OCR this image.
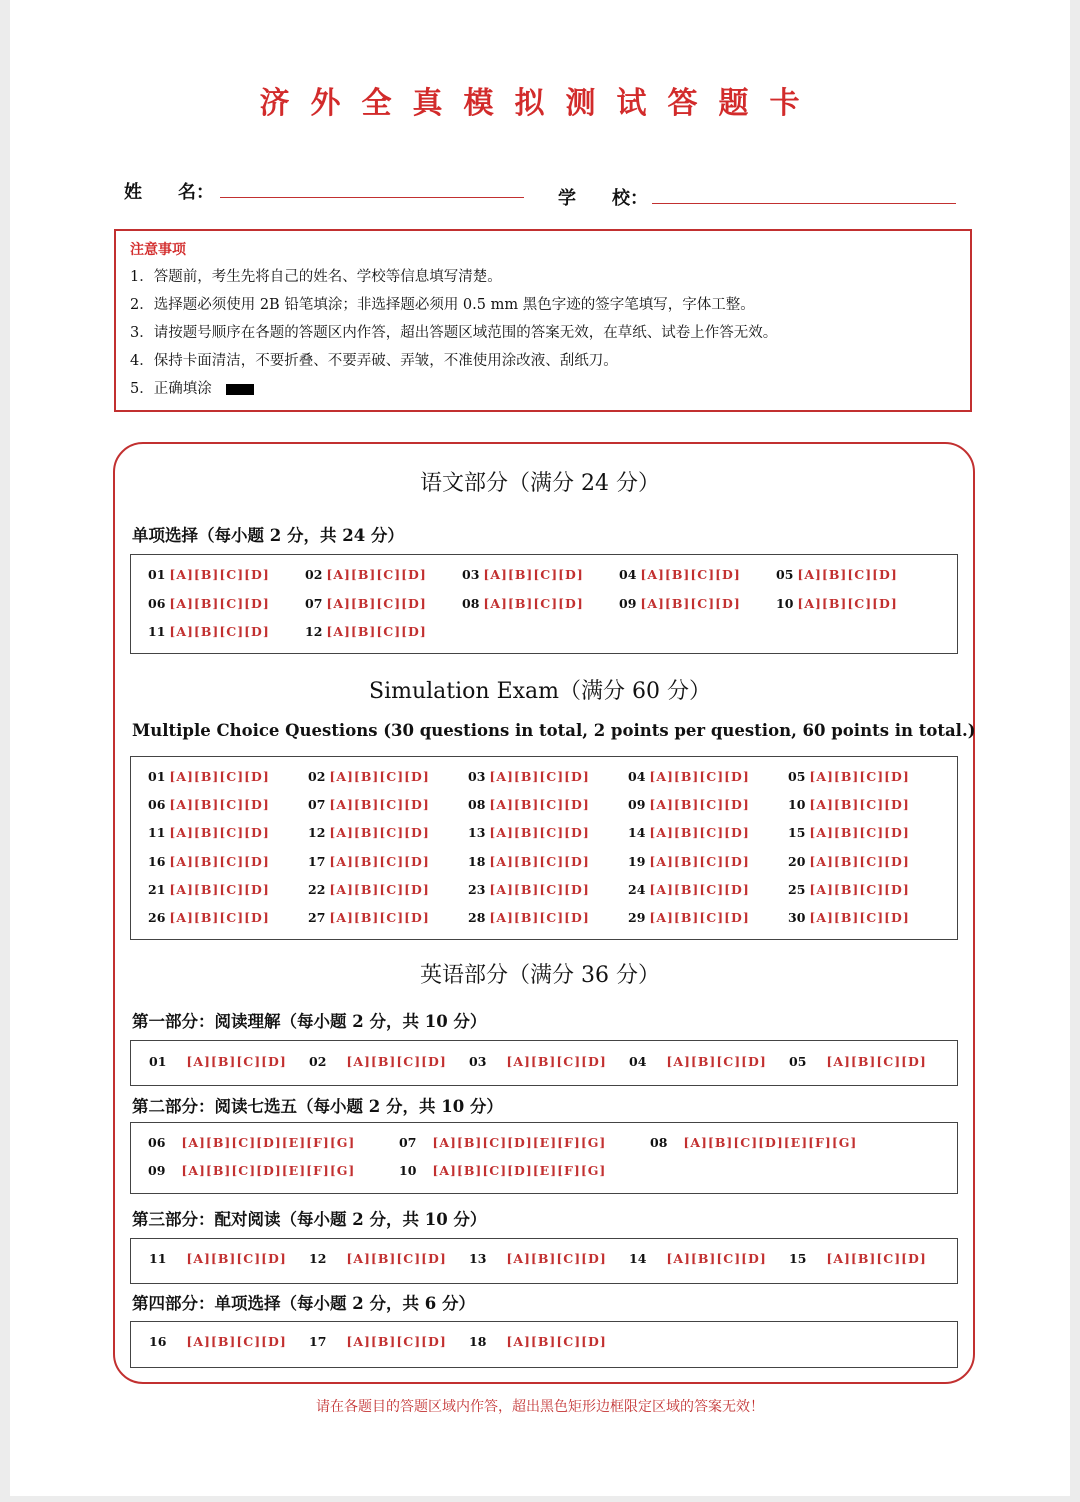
济外全真模拟测试答题卡
姓　　名：	学　　校：
注意事项
1．答题前，考生先将自己的姓名、学校等信息填写清楚。
2．选择题必须使用 2B 铅笔填涂；非选择题必须用 0.5 mm 黑色字迹的签字笔填写，字体工整。
3．请按题号顺序在各题的答题区内作答，超出答题区域范围的答案无效，在草纸、试卷上作答无效。
4．保持卡面清洁，不要折叠、不要弄破、弄皱，不准使用涂改液、刮纸刀。
5．正确填涂
语文部分（满分 24 分）
单项选择（每小题 2 分，共 24 分）
01 [A][B][C][D]	02 [A][B][C][D]	03 [A][B][C][D]	04 [A][B][C][D]	05 [A][B][C][D]
06 [A][B][C][D]	07 [A][B][C][D]	08 [A][B][C][D]	09 [A][B][C][D]	10 [A][B][C][D]
11 [A][B][C][D]	12 [A][B][C][D]
Simulation Exam（满分 60 分）
Multiple Choice Questions (30 questions in total, 2 points per question, 60 points in total.)
01 [A][B][C][D]	02 [A][B][C][D]	03 [A][B][C][D]	04 [A][B][C][D]	05 [A][B][C][D]
06 [A][B][C][D]	07 [A][B][C][D]	08 [A][B][C][D]	09 [A][B][C][D]	10 [A][B][C][D]
11 [A][B][C][D]	12 [A][B][C][D]	13 [A][B][C][D]	14 [A][B][C][D]	15 [A][B][C][D]
16 [A][B][C][D]	17 [A][B][C][D]	18 [A][B][C][D]	19 [A][B][C][D]	20 [A][B][C][D]
21 [A][B][C][D]	22 [A][B][C][D]	23 [A][B][C][D]	24 [A][B][C][D]	25 [A][B][C][D]
26 [A][B][C][D]	27 [A][B][C][D]	28 [A][B][C][D]	29 [A][B][C][D]	30 [A][B][C][D]
英语部分（满分 36 分）
第一部分：阅读理解（每小题 2 分，共 10 分）
01 [A][B][C][D] 02 [A][B][C][D] 03 [A][B][C][D] 04 [A][B][C][D] 05 [A][B][C][D]
第二部分：阅读七选五（每小题 2 分，共 10 分）
06 [A][B][C][D][E][F][G]	07 [A][B][C][D][E][F][G]	08 [A][B][C][D][E][F][G]
09 [A][B][C][D][E][F][G]	10 [A][B][C][D][E][F][G]
第三部分：配对阅读（每小题 2 分，共 10 分）
11 [A][B][C][D] 12 [A][B][C][D] 13 [A][B][C][D] 14 [A][B][C][D] 15 [A][B][C][D]
第四部分：单项选择（每小题 2 分，共 6 分）
16 [A][B][C][D] 17 [A][B][C][D] 18 [A][B][C][D]
请在各题目的答题区域内作答，超出黑色矩形边框限定区域的答案无效！
